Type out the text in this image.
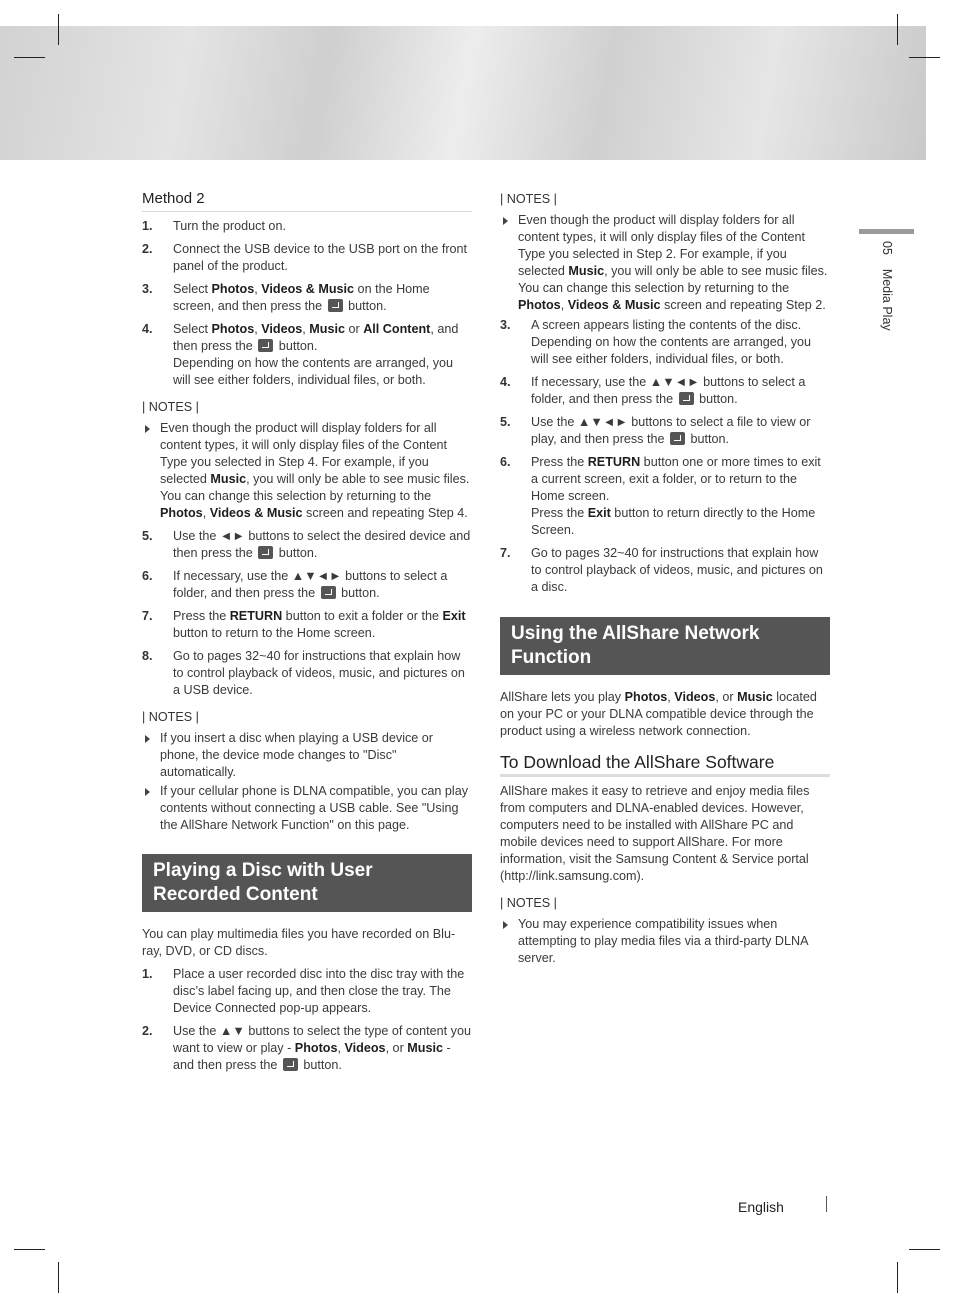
05    Media Play
Method 2
1. Turn the product on.
2. Connect the USB device to the USB port on the front panel of the product.
3. Select Photos, Videos & Music on the Home screen, and then press the  button.
4. Select Photos, Videos, Music or All Content, and then press the  button.
Depending on how the contents are arranged, you will see either folders, individual files, or both.
| NOTES |
Even though the product will display folders for all content types, it will only display files of the Content Type you selected in Step 4. For example, if you selected Music, you will only be able to see music files. You can change this selection by returning to the Photos, Videos & Music screen and repeating Step 4.
5. Use the ◄► buttons to select the desired device and then press the  button.
6. If necessary, use the ▲▼◄► buttons to select a folder, and then press the  button.
7. Press the RETURN button to exit a folder or the Exit button to return to the Home screen.
8. Go to pages 32~40 for instructions that explain how to control playback of videos, music, and pictures on a USB device.
| NOTES |
If you insert a disc when playing a USB device or phone, the device mode changes to "Disc" automatically.
If your cellular phone is DLNA compatible, you can play contents without connecting a USB cable. See "Using the AllShare Network Function" on this page.
Playing a Disc with User Recorded Content
You can play multimedia files you have recorded on Blu-ray, DVD, or CD discs.
1. Place a user recorded disc into the disc tray with the disc’s label facing up, and then close the tray. The Device Connected pop-up appears.
2. Use the ▲▼ buttons to select the type of content you want to view or play - Photos, Videos, or Music - and then press the  button.
| NOTES |
Even though the product will display folders for all content types, it will only display files of the Content Type you selected in Step 2. For example, if you selected Music, you will only be able to see music files. You can change this selection by returning to the Photos, Videos & Music screen and repeating Step 2.
3. A screen appears listing the contents of the disc. Depending on how the contents are arranged, you will see either folders, individual files, or both.
4. If necessary, use the ▲▼◄► buttons to select a folder, and then press the  button.
5. Use the ▲▼◄► buttons to select a file to view or play, and then press the  button.
6. Press the RETURN button one or more times to exit a current screen, exit a folder, or to return to the Home screen.
Press the Exit button to return directly to the Home Screen.
7. Go to pages 32~40 for instructions that explain how to control playback of videos, music, and pictures on a disc.
Using the AllShare Network Function
AllShare lets you play Photos, Videos, or Music located on your PC or your DLNA compatible device through the product using a wireless network connection.
To Download the AllShare Software
AllShare makes it easy to retrieve and enjoy media files from computers and DLNA-enabled devices. However, computers need to be installed with AllShare PC and mobile devices need to support AllShare. For more information, visit the Samsung Content & Service portal (http://link.samsung.com).
| NOTES |
You may experience compatibility issues when attempting to play media files via a third-party DLNA server.
English
